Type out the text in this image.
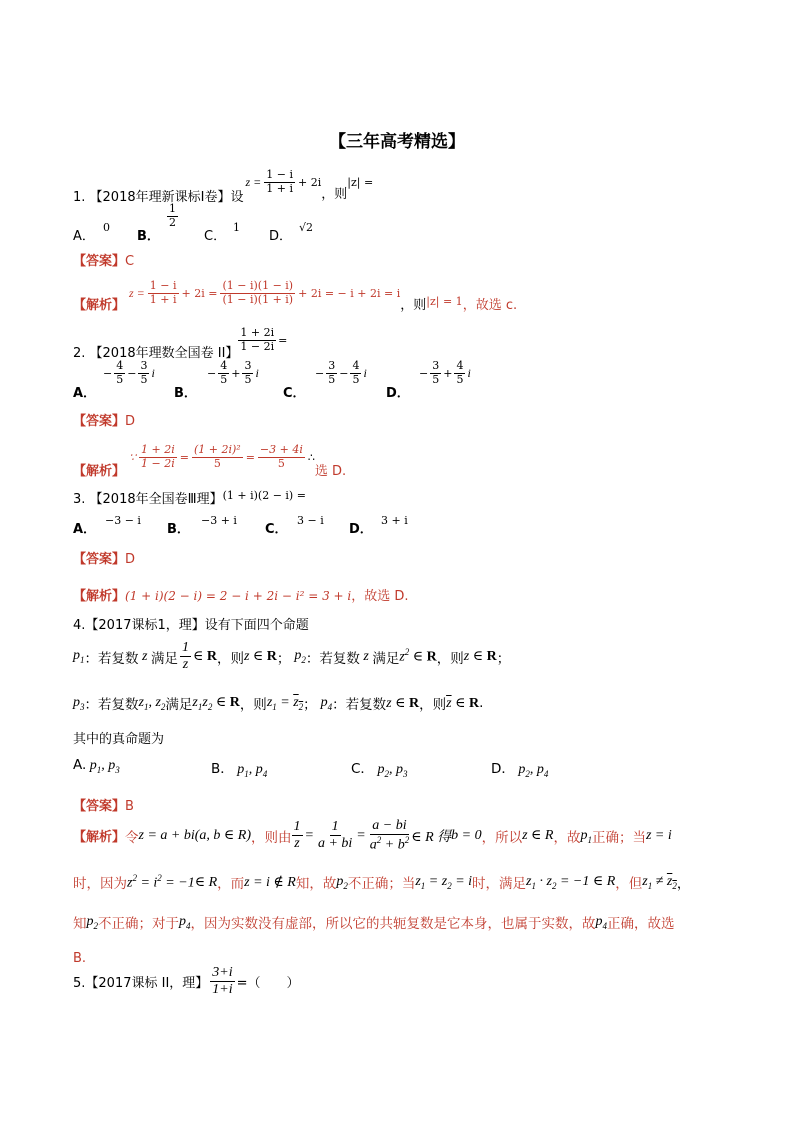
【三年高考精选】
1. 【2018年理新课标I卷】设
$z = \frac{1 - i}{1 + i} + 2i$
，则
|z| =
A．
0
B．
$\frac{1}{2}$
C．
1
D．
√2
【答案】C
【解析】
$z = \frac{1 - i}{1 + i} + 2i = \frac{(1 - i)(1 - i)}{(1 - i)(1 + i)} + 2i$ = − i + 2i = i
，则 |z| = 1 ，故选 c.
2. 【2018年理数全国卷 II】 $\frac{1 + 2i}{1 - 2i}$ =
A．
− $\frac{4}{5} - \frac{3}{5}$ i
B．
− $\frac{4}{5} + \frac{3}{5}$ i
C．
− $\frac{3}{5} - \frac{4}{5}$ i
D．
− $\frac{3}{5} + \frac{4}{5}$ i
【答案】D
【解析】
∵ $\frac{1 + 2i}{1 - 2i} = \frac{\text{(1 + 2i)²}}{5} = \frac{-3 + 4i}{5}$ ∴
选 D.
3. 【2018年全国卷Ⅲ理】(1 + i)(2 − i) =
A．
−3 − i
B．
−3 + i
C．
3 − i
D．
3 + i
【答案】D
【解析】(1 + i)(2 − i) = 2 − i + 2i − i² = 3 + i，故选 D.
4.【2017课标1，理】设有下面四个命题
$p_1$ ：若复数 z 满足 $\frac{1}{z}$ ∈ R ，则 z ∈ R ； $p_2$ ：若复数 z 满足 $z^2$ ∈ R ，则 z ∈ R ；
$p_3$ ：若复数 $z_1$, $z_2$ 满足 $z_1z_2$ ∈ R ，则 $z_1 = z_2$ ； $p_4$ ：若复数 z ∈ R ，则 $\overline{z}$ ∈ R .
其中的真命题为
A. $p_1$, $p_3$	B． $p_1$, $p_4$	C． $p_2$, $p_3$	D． $p_2$, $p_4$
【答案】B
【解析】 令 z = a + bi(a, b ∈ R) ，则由 $\frac{1}{z} = \frac{1}{a + bi} = \frac{a - bi}{a^2 + b^2}$ ∈ R 得 b = 0 ，所以 z ∈ R ，故 $p_1$ 正确；当 z = i
时，因为 $z^2 = i^2 = -1$ ∈ R ，而 z = i ∉ R 知，故 $p_2$ 不正确；当 $z_1 = z_2 = i$ 时，满足 $z_1 \cdot z_2 = -1$ ∈ R ，但 $z_1 \ne z_2$ ，
知 $p_2$ 不正确；对于 $p_4$ ，因为实数没有虚部，所以它的共轭复数是它本身，也属于实数，故 $p_4$ 正确，故选
B.
5.【2017课标 II，理】 $\frac{3+i}{1+i}$ =（　　）
